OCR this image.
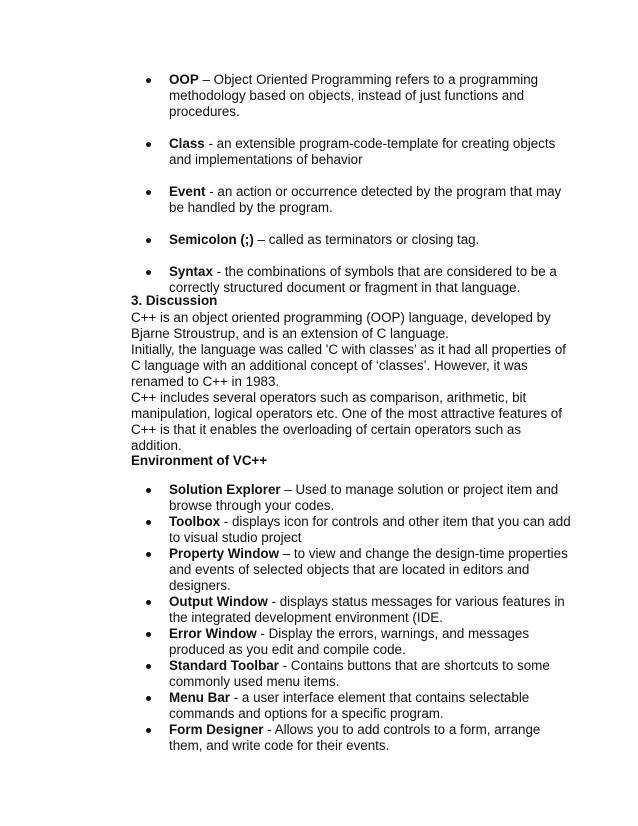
OOP – Object Oriented Programming refers to a programming methodology based on objects, instead of just functions and procedures.
Class - an extensible program-code-template for creating objects and implementations of behavior
Event - an action or occurrence detected by the program that may be handled by the program.
Semicolon (;) – called as terminators or closing tag.
Syntax - the combinations of symbols that are considered to be a correctly structured document or fragment in that language.
3. Discussion

C++ is an object oriented programming (OOP) language, developed by Bjarne Stroustrup, and is an extension of C language.
Initially, the language was called 'C with classes’ as it had all properties of C language with an additional concept of ‘classes’. However, it was renamed to C++ in 1983.

C++ includes several operators such as comparison, arithmetic, bit manipulation, logical operators etc. One of the most attractive features of C++ is that it enables the overloading of certain operators such as addition.

Environment of VC++
Solution Explorer – Used to manage solution or project item and browse through your codes.
Toolbox - displays icon for controls and other item that you can add to visual studio project
Property Window – to view and change the design-time properties and events of selected objects that are located in editors and designers.
Output Window - displays status messages for various features in the integrated development environment (IDE.
Error Window - Display the errors, warnings, and messages produced as you edit and compile code.
Standard Toolbar - Contains buttons that are shortcuts to some commonly used menu items.
Menu Bar - a user interface element that contains selectable commands and options for a specific program.
Form Designer - Allows you to add controls to a form, arrange them, and write code for their events.
